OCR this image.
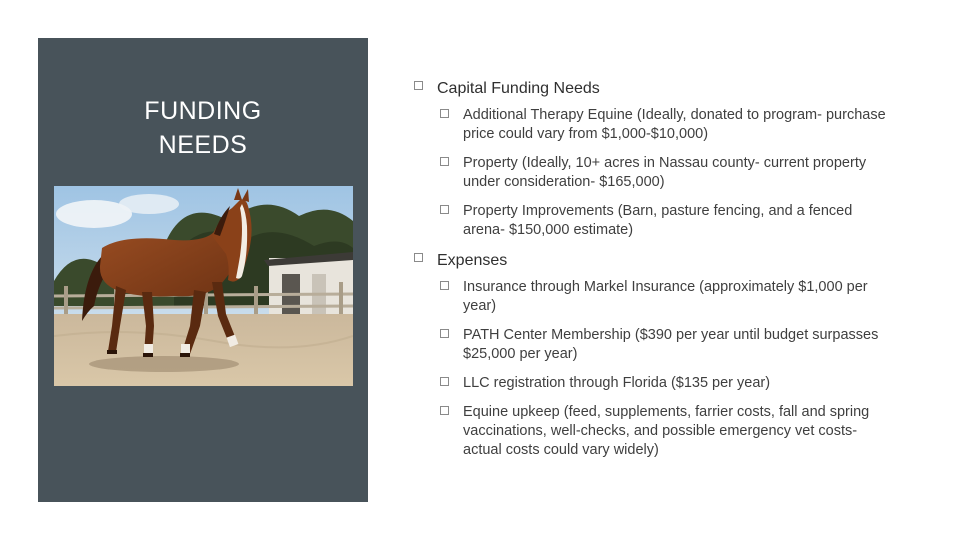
FUNDING
NEEDS
Capital Funding Needs
Additional Therapy Equine (Ideally, donated to program- purchase price could vary from $1,000-$10,000)
Property (Ideally, 10+ acres in Nassau county- current property under consideration- $165,000)
Property Improvements (Barn, pasture fencing, and a fenced arena- $150,000 estimate)
Expenses
Insurance through Markel Insurance (approximately $1,000 per year)
PATH Center Membership ($390 per year until budget surpasses $25,000 per year)
LLC registration through Florida ($135 per year)
Equine upkeep (feed, supplements, farrier costs, fall and spring vaccinations, well-checks, and possible emergency vet costs- actual costs could vary widely)
